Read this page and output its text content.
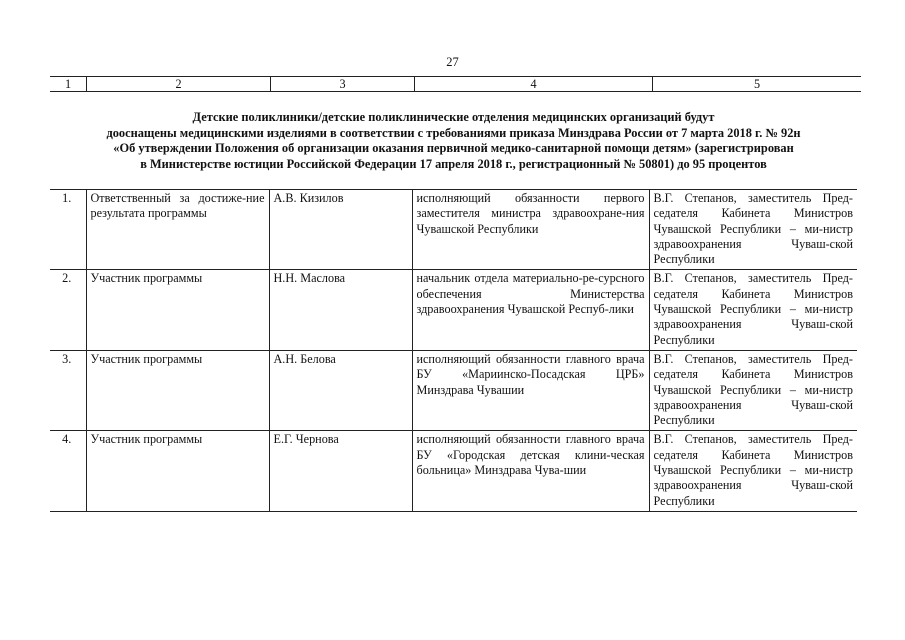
27
1	2	3	4	5
Детские поликлиники/детские поликлинические отделения медицинских организаций будут
дооснащены медицинскими изделиями в соответствии с требованиями приказа Минздрава России от 7 марта 2018 г. № 92н
«Об утверждении Положения об организации оказания первичной медико-санитарной помощи детям» (зарегистрирован
в Министерстве юстиции Российской Федерации 17 апреля 2018 г., регистрационный № 50801) до 95 процентов
1.	Ответственный за достиже-ние результата программы	А.В. Кизилов	исполняющий обязанности первого заместителя министра здравоохране-ния Чувашской Республики	В.Г. Степанов, заместитель Пред-седателя Кабинета Министров Чувашской Республики – ми-нистр здравоохранения Чуваш-ской Республики
2.	Участник программы	Н.Н. Маслова	начальник отдела материально-ре-сурсного обеспечения Министерства здравоохранения Чувашской Респуб-лики	В.Г. Степанов, заместитель Пред-седателя Кабинета Министров Чувашской Республики – ми-нистр здравоохранения Чуваш-ской Республики
3.	Участник программы	А.Н. Белова	исполняющий обязанности главного врача БУ «Мариинско-Посадская ЦРБ» Минздрава Чувашии	В.Г. Степанов, заместитель Пред-седателя Кабинета Министров Чувашской Республики – ми-нистр здравоохранения Чуваш-ской Республики
4.	Участник программы	Е.Г. Чернова	исполняющий обязанности главного врача БУ «Городская детская клини-ческая больница» Минздрава Чува-шии	В.Г. Степанов, заместитель Пред-седателя Кабинета Министров Чувашской Республики – ми-нистр здравоохранения Чуваш-ской Республики
